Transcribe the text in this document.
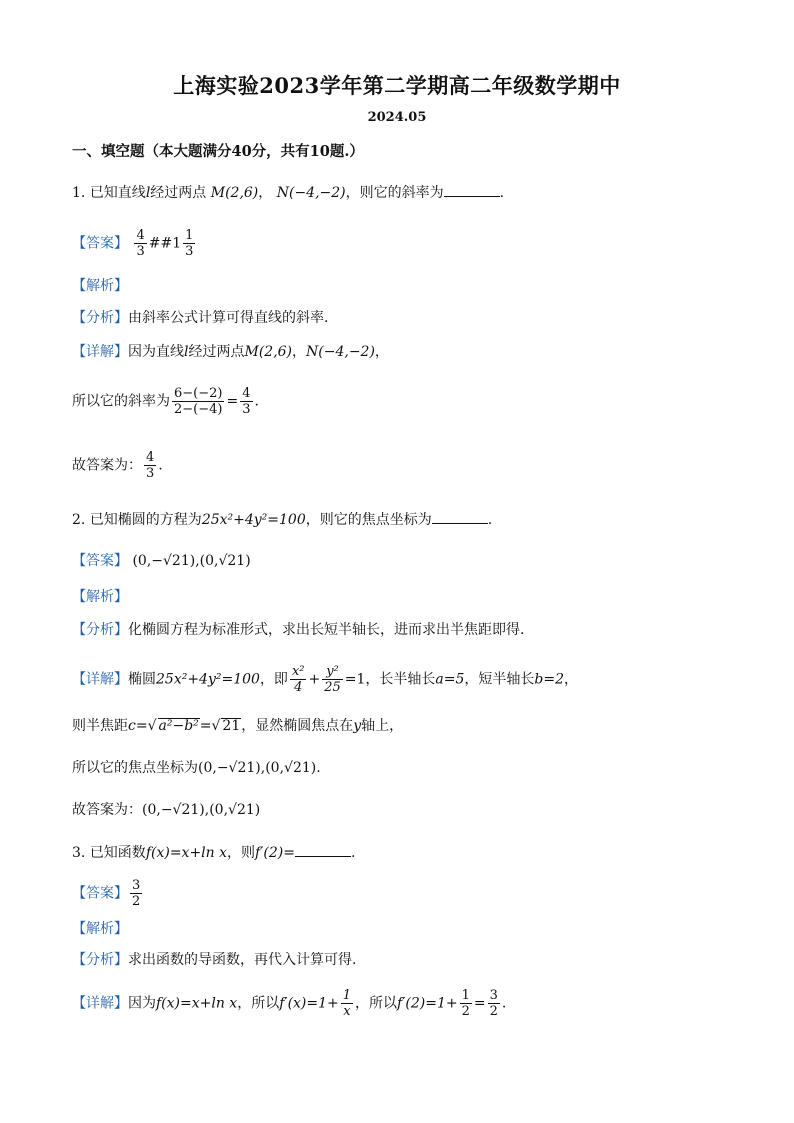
上海实验2023学年第二学期高二年级数学期中
2024.05
一、填空题（本大题满分40分，共有10题.）
1. 已知直线l经过两点 M(2,6)， N(−4,−2)，则它的斜率为	.
【答案】 $\frac{4}{3}$ ##1 $\frac{1}{3}$
【解析】
【分析】由斜率公式计算可得直线的斜率.
【详解】因为直线l经过两点M(2,6)，N(−4,−2)，
所以它的斜率为 $\frac{6-(-2)}{2-(-4)} = \frac{4}{3}$ .
故答案为： $\frac{4}{3}$ .
2. 已知椭圆的方程为25x²+4y²=100，则它的焦点坐标为	.
【答案】 (0,−√21),(0,√21)
【解析】
【分析】化椭圆方程为标准形式，求出长短半轴长，进而求出半焦距即得.
【详解】椭圆25x²+4y²=100，即 $\frac{\text{x²}}{4} + \frac{\text{y²}}{25} =1$，长半轴长a=5，短半轴长b=2，
则半焦距c=√ a²−b²=√ 21，显然椭圆焦点在y轴上，
所以它的焦点坐标为(0,−√21),(0,√21).
故答案为：(0,−√21),(0,√21)
3. 已知函数f(x)=x+ln x，则f′(2)=	.
【答案】 $\frac{3}{2}$
【解析】
【分析】求出函数的导函数，再代入计算可得.
【详解】因为f(x)=x+ln x，所以$f'(x)=1+ \frac{1}{x}$ ，所以$f'(2)=1+ \frac{1}{2} = \frac{3}{2}$ .
